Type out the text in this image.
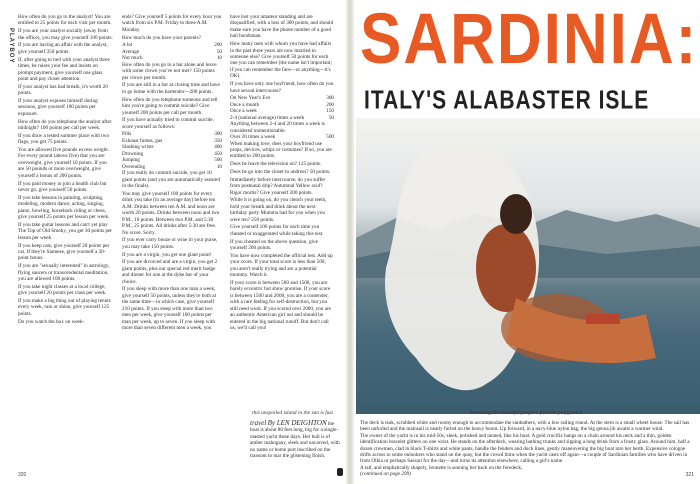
PLAYBOY

How often do you go to the analyst? You are entitled to 25 points for each visit per month.

If you are your analyst socially (away from the office), you may give yourself 100 points.

If you are having an affair with the analyst, give yourself 350 points.

If, after going to bed with your analyst three times, he raises your fee and insists on prompt payment, give yourself one glass point and pay closer attention.

If your analyst has bad breath, it's worth 20 points.

If your analyst exposes himself during sessions, give yourself 100 points per exposure.

How often do you telephone the analyst after midnight? 100 points per call per week.

If you draw a tested summer place with two flags, you get 75 points.

You are allowed five pounds excess weight. For every pound (above five) that you are overweight, give yourself 10 points. If you are 50 pounds or more overweight, give yourself a bonus of 200 points.

If you paid money to join a health club but never go, give yourself 50 points.

If you take lessons in painting, sculpting, modeling, modern dance, acting, singing, piano, bowling, horseback riding or chess, give yourself 25 points per lesson per week.

If you take guitar lessons and can't yet play The Top of Old Smoky, you get 30 points per lesson per week.

If you keep cats, give yourself 20 points per cat. If they're Siamese, give yourself a 30-point bonus.

If you are "sexually interested" in astrology, flying saucers or transcendental meditation, you are allowed 100 points.

If you take night classes at a local college, give yourself 20 points per class per week.

If you make a big thing out of playing tennis every week, rain or shine, give yourself 125 points.

Do you watch the box on week-

ends? Give yourself 5 points for every hour you watch from six P.M. Friday to three A.M. Monday.

How much do you have your parents?

A lot	200
Average	50
Not much	10

How often do you go to a bar alone and leave with some clown you've not met? 150 points per clown per month.

If you are still in a bar at closing time and have to go home with the bartender—200 points.

How often do you telephone someone and tell him you're going to commit suicide? Give yourself 200 points per call per month.

If you have actually tried to commit suicide, score yourself as follows:

Pills	300
Exhaust fumes, gas	350
Slashing wrists	400
Drowning	450
Jumping	500
Overeating	10

If you really do commit suicide, you get 10 giant points (and you are automatically assured in the finals).

You may give yourself 100 points for every drink you take (in an average day) before ten A.M. Drinks between ten A.M. and noon are worth 20 points. Drinks between noon and two P.M., 10 points. Between two P.M. and 5:30 P.M., 25 points. All drinks after 5:30 are free. No score. Sorry.

If you ever carry booze or wine in your purse, you may take 150 points.

If you are a virgin, you get one giant point!

If you are divorced and are a virgin, you get 2 giant points, plus our special red merit badge and dinner for one at the dyke bar of your choice.

If you sleep with more than one man a week, give yourself 50 points, unless they're both at the same time—in which case, give yourself 210 points. If you sleep with more than two men per week, give yourself 100 points per man per week, up to seven. If you sleep with more than seven different men a week, you

have lost your amateur standing and are disqualified, with a loss of 300 points, and should make sure you have the phone number of a good bail bondsman.

How many men with whom you have had affairs in the past three years are now married to someone else? Give yourself 50 points for each one you can remember (the name isn't important; if you can remember the face—or anything—it's OK).

If you have only one boyfriend, how often do you have sexual intercourse?

On New Year's Eve	300
Once a month	200
Once a week	150
2-4 (national average) times a week	50
Anything between 2-4 and 20 times a week is considered unmentionable.
Over 20 times a week	500

When making love, does your boyfriend use props, devices, whips or costumes? If so, you are entitled to 200 points.

Does he leave the television on? 125 points.

Does he go into the closet to undress? 50 points.

Immediately before intercourse, do you suffer from postnasal drip? Autumnal Yellow acid? Rigor mortis? Give yourself 200 points.

While it is going on, do you clench your teeth, hold your breath and think about the next birthday party Mumma had for you when you were ten? 250 points.

Give yourself 100 points for each time you cheated or exaggerated while taking this test.

If you cheated on the above question, give yourself 200 points.

You have now completed the official test. Add up your score. If your total score is less than 500, you aren't really trying and are a potential mummy. Watch it.

If your score is between 500 and 1500, you are barely eccentric but show promise. If your score is between 1500 and 2000, you are a contender, with a rare feeling for self-destruction, but you still need work. If you scored over 2000, you are an authentic American girl nut and should be entered in the big national runoff. But don't call us, we'll call you!

320
SARDINIA:
ITALY'S ALABASTER ISLE
this unspoiled island in the sun is fast	becoming the beautiful people's favorite playground
travel By LEN DEIGHTON the boat is about 80 feet long, big for a single-masted yacht these days. Her hull is of amber mahogany, sleek and uncarved, with no name or home port inscribed on the transom to mar the glistening finish.

The deck is teak, scrubbed white and roomy enough to accommodate the sunbathers, with a low railing round. At the stern is a small wheel house. The sail has been unfurled and the mainsail is neatly furled on the heavy boom. Up forward, in a navy-blue nylon bag, the big genoa jib awaits a warmer wind.

The owner of the yacht is in his mid-50s, sleek, polished and tanned, like his boat. A gold crucifix hangs on a chain around his neck and a thin, golden identification bracelet glitters on one wrist. He stands on the afterdeck, wearing bathing trunks and sipping a long drink from a frosty glass. Around him, half a dozen crewmen, clad in black T-shirts and white pants, handle the fenders and dock lines, gently maneuvering the big boat into her berth. Expensive cologne drifts across to some onlookers who stand on the quay, but the crowd thins when the yacht casts off again—a couple of Sardinian families who have driven in from Olbia or perhaps Sassari for the day—and turns its attention elsewhere, calling a girl's name.

A tall, and emphatically shapely, brunette is sunning her back on the foredeck,

(continued on page 299)	321
